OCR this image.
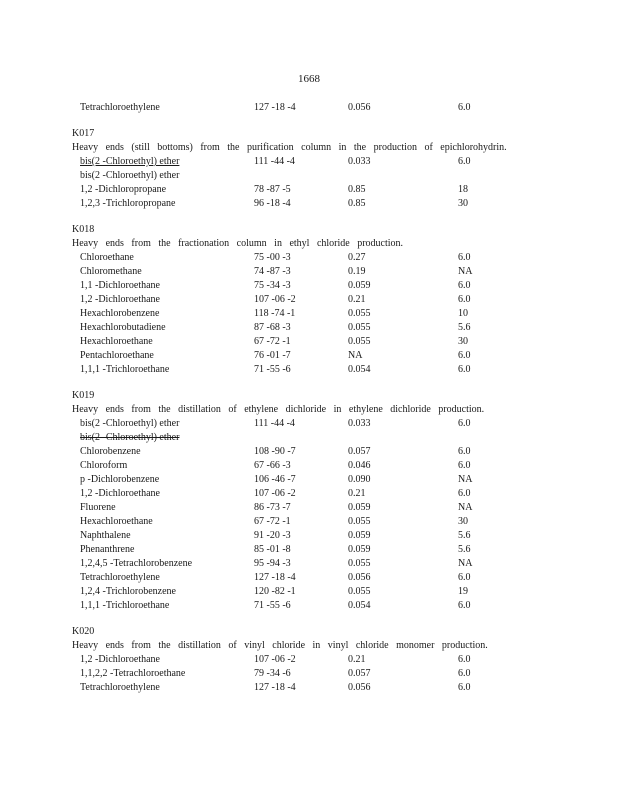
1668
Tetrachloroethylene	127 -18 -4	0.056	6.0
K017
Heavy ends (still bottoms) from the purification column in the production of epichlorohydrin.
bis(2 -Chloroethyl) ether	111 -44 -4	0.033	6.0
bis(2 -Chloroethyl) ether
1,2 -Dichloropropane	78 -87 -5	0.85	18
1,2,3 -Trichloropropane	96 -18 -4	0.85	30
K018
Heavy ends from the fractionation column in ethyl chloride production.
Chloroethane	75 -00 -3	0.27	6.0
Chloromethane	74 -87 -3	0.19	NA
1,1 -Dichloroethane	75 -34 -3	0.059	6.0
1,2 -Dichloroethane	107 -06 -2	0.21	6.0
Hexachlorobenzene	118 -74 -1	0.055	10
Hexachlorobutadiene	87 -68 -3	0.055	5.6
Hexachloroethane	67 -72 -1	0.055	30
Pentachloroethane	76 -01 -7	NA	6.0
1,1,1 -Trichloroethane	71 -55 -6	0.054	6.0
K019
Heavy ends from the distillation of ethylene dichloride in ethylene dichloride production.
bis(2 -Chloroethyl) ether	111 -44 -4	0.033	6.0
bis(2 -Chloroethyl) ether
Chlorobenzene	108 -90 -7	0.057	6.0
Chloroform	67 -66 -3	0.046	6.0
p -Dichlorobenzene	106 -46 -7	0.090	NA
1,2 -Dichloroethane	107 -06 -2	0.21	6.0
Fluorene	86 -73 -7	0.059	NA
Hexachloroethane	67 -72 -1	0.055	30
Naphthalene	91 -20 -3	0.059	5.6
Phenanthrene	85 -01 -8	0.059	5.6
1,2,4,5 -Tetrachlorobenzene	95 -94 -3	0.055	NA
Tetrachloroethylene	127 -18 -4	0.056	6.0
1,2,4 -Trichlorobenzene	120 -82 -1	0.055	19
1,1,1 -Trichloroethane	71 -55 -6	0.054	6.0
K020
Heavy ends from the distillation of vinyl chloride in vinyl chloride monomer production.
1,2 -Dichloroethane	107 -06 -2	0.21	6.0
1,1,2,2 -Tetrachloroethane	79 -34 -6	0.057	6.0
Tetrachloroethylene	127 -18 -4	0.056	6.0
